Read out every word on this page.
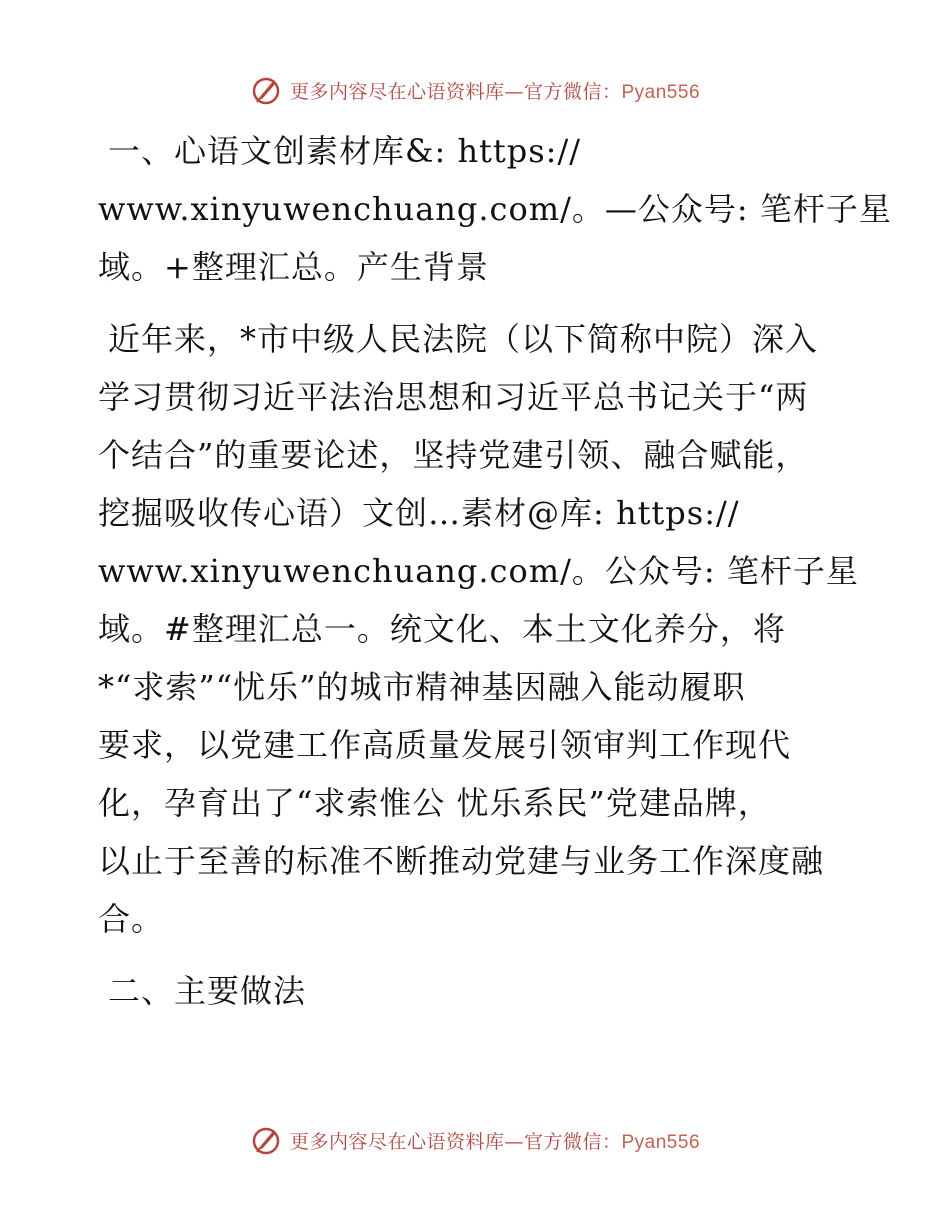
更多内容尽在心语资料库—官方微信：Pyan556
一、心语文创素材库&: https://
www.xinyuwenchuang.com/。—公众号: 笔杆子星
域。+整理汇总。产生背景
近年来，*市中级人民法院（以下简称中院）深入
学习贯彻习近平法治思想和习近平总书记关于“两
个结合”的重要论述，坚持党建引领、融合赋能，
挖掘吸收传心语）文创…素材@库: https://
www.xinyuwenchuang.com/。公众号: 笔杆子星
域。#整理汇总一。统文化、本土文化养分，将
*“求索”“忧乐”的城市精神基因融入能动履职
要求，以党建工作高质量发展引领审判工作现代
化，孕育出了“求索惟公 忧乐系民”党建品牌，
以止于至善的标准不断推动党建与业务工作深度融
合。
二、主要做法
更多内容尽在心语资料库—官方微信：Pyan556
